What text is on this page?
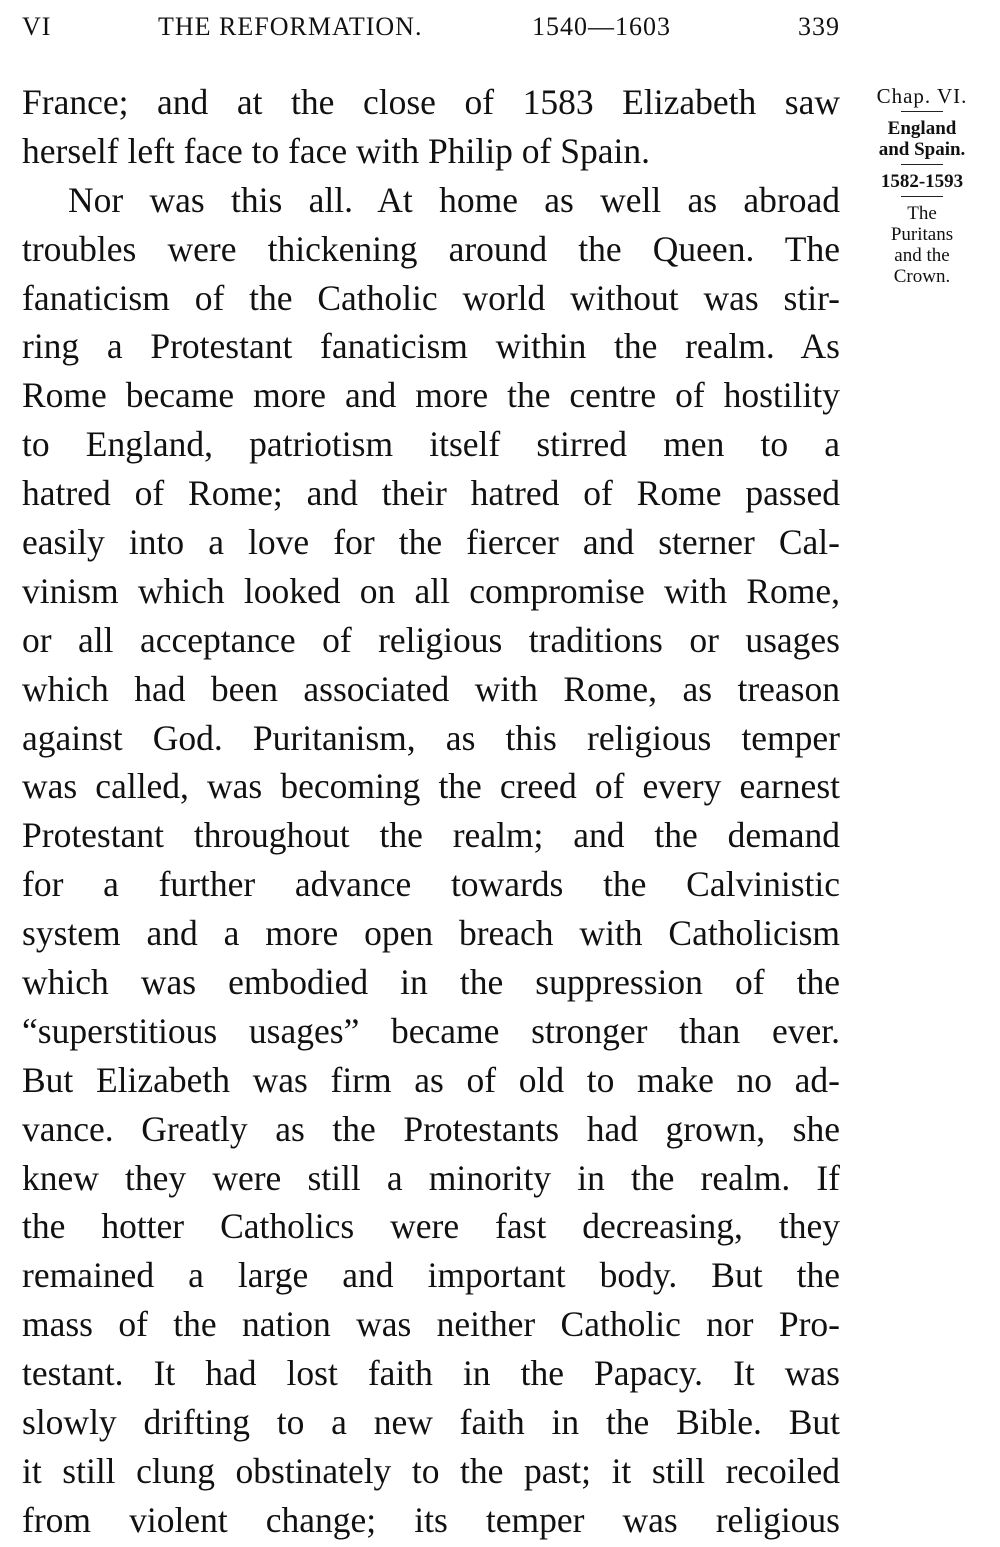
VI	THE REFORMATION.	1540—1603	339
France; and at the close of 1583 Elizabeth saw
herself left face to face with Philip of Spain.
Nor was this all. At home as well as abroad
troubles were thickening around the Queen. The
fanaticism of the Catholic world without was stir-
ring a Protestant fanaticism within the realm. As
Rome became more and more the centre of hostility
to England, patriotism itself stirred men to a
hatred of Rome; and their hatred of Rome passed
easily into a love for the fiercer and sterner Cal-
vinism which looked on all compromise with Rome,
or all acceptance of religious traditions or usages
which had been associated with Rome, as treason
against God. Puritanism, as this religious temper
was called, was becoming the creed of every earnest
Protestant throughout the realm; and the demand
for a further advance towards the Calvinistic
system and a more open breach with Catholicism
which was embodied in the suppression of the
“superstitious usages” became stronger than ever.
But Elizabeth was firm as of old to make no ad-
vance. Greatly as the Protestants had grown, she
knew they were still a minority in the realm. If
the hotter Catholics were fast decreasing, they
remained a large and important body. But the
mass of the nation was neither Catholic nor Pro-
testant. It had lost faith in the Papacy. It was
slowly drifting to a new faith in the Bible. But
it still clung obstinately to the past; it still recoiled
from violent change; its temper was religious
Chap. VI.
England
and Spain.
1582-1593
The
Puritans
and the
Crown.
